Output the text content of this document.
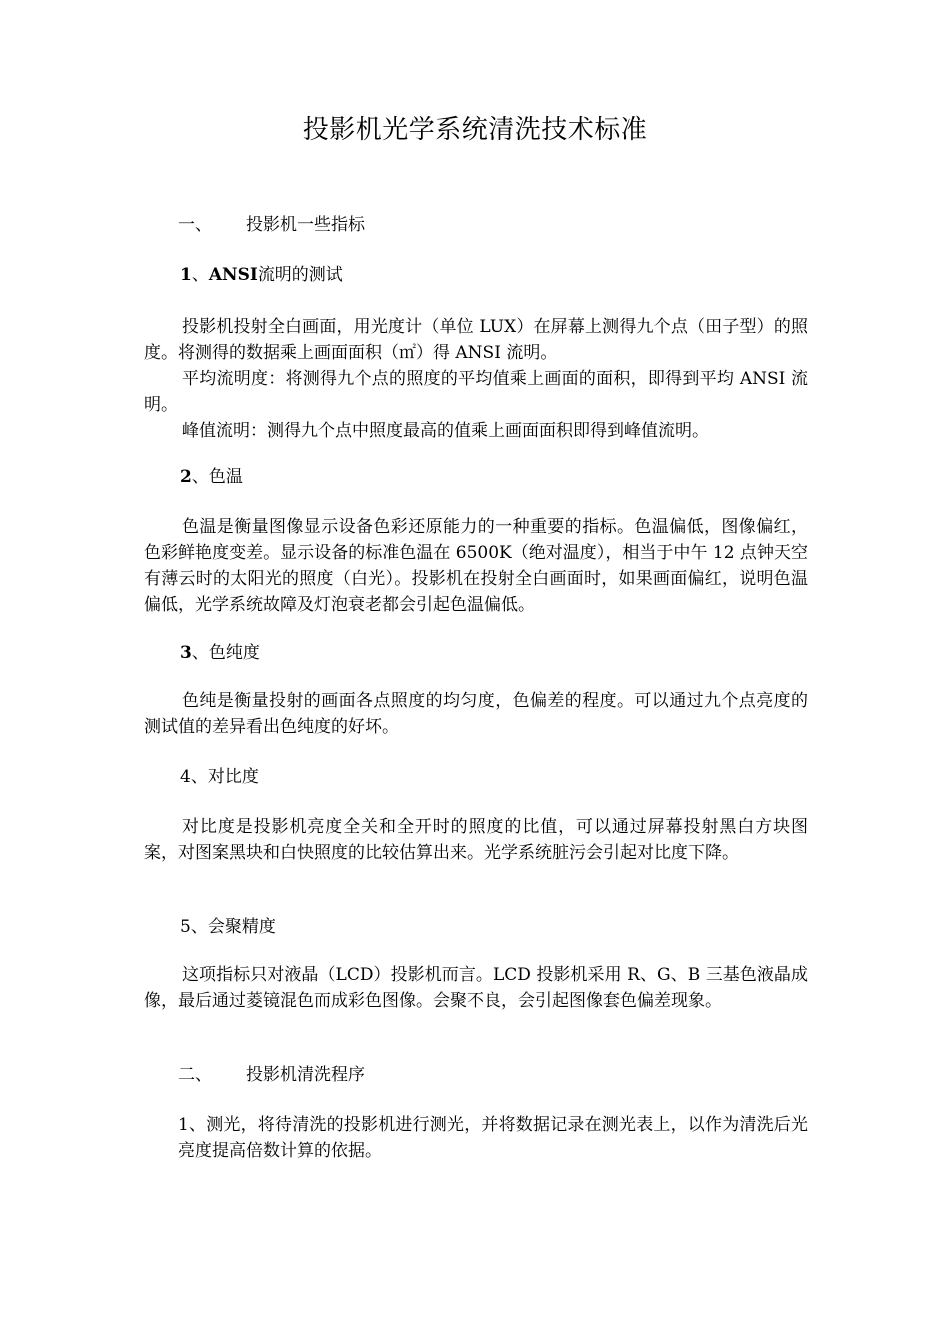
投影机光学系统清洗技术标准
一、 投影机一些指标
1、ANSI流明的测试
投影机投射全白画面，用光度计（单位 LUX）在屏幕上测得九个点（田子型）的照度。将测得的数据乘上画面面积（㎡）得 ANSI 流明。
平均流明度：将测得九个点的照度的平均值乘上画面的面积，即得到平均 ANSI 流明。
峰值流明：测得九个点中照度最高的值乘上画面面积即得到峰值流明。
2、色温
色温是衡量图像显示设备色彩还原能力的一种重要的指标。色温偏低，图像偏红，色彩鲜艳度变差。显示设备的标准色温在 6500K（绝对温度），相当于中午 12 点钟天空有薄云时的太阳光的照度（白光）。投影机在投射全白画面时，如果画面偏红，说明色温偏低，光学系统故障及灯泡衰老都会引起色温偏低。
3、色纯度
色纯是衡量投射的画面各点照度的均匀度，色偏差的程度。可以通过九个点亮度的测试值的差异看出色纯度的好坏。
4、对比度
对比度是投影机亮度全关和全开时的照度的比值，可以通过屏幕投射黑白方块图案，对图案黑块和白快照度的比较估算出来。光学系统脏污会引起对比度下降。
5、会聚精度
这项指标只对液晶（LCD）投影机而言。LCD 投影机采用 R、G、B 三基色液晶成像，最后通过菱镜混色而成彩色图像。会聚不良，会引起图像套色偏差现象。
二、 投影机清洗程序
1、测光，将待清洗的投影机进行测光，并将数据记录在测光表上，以作为清洗后光亮度提高倍数计算的依据。
